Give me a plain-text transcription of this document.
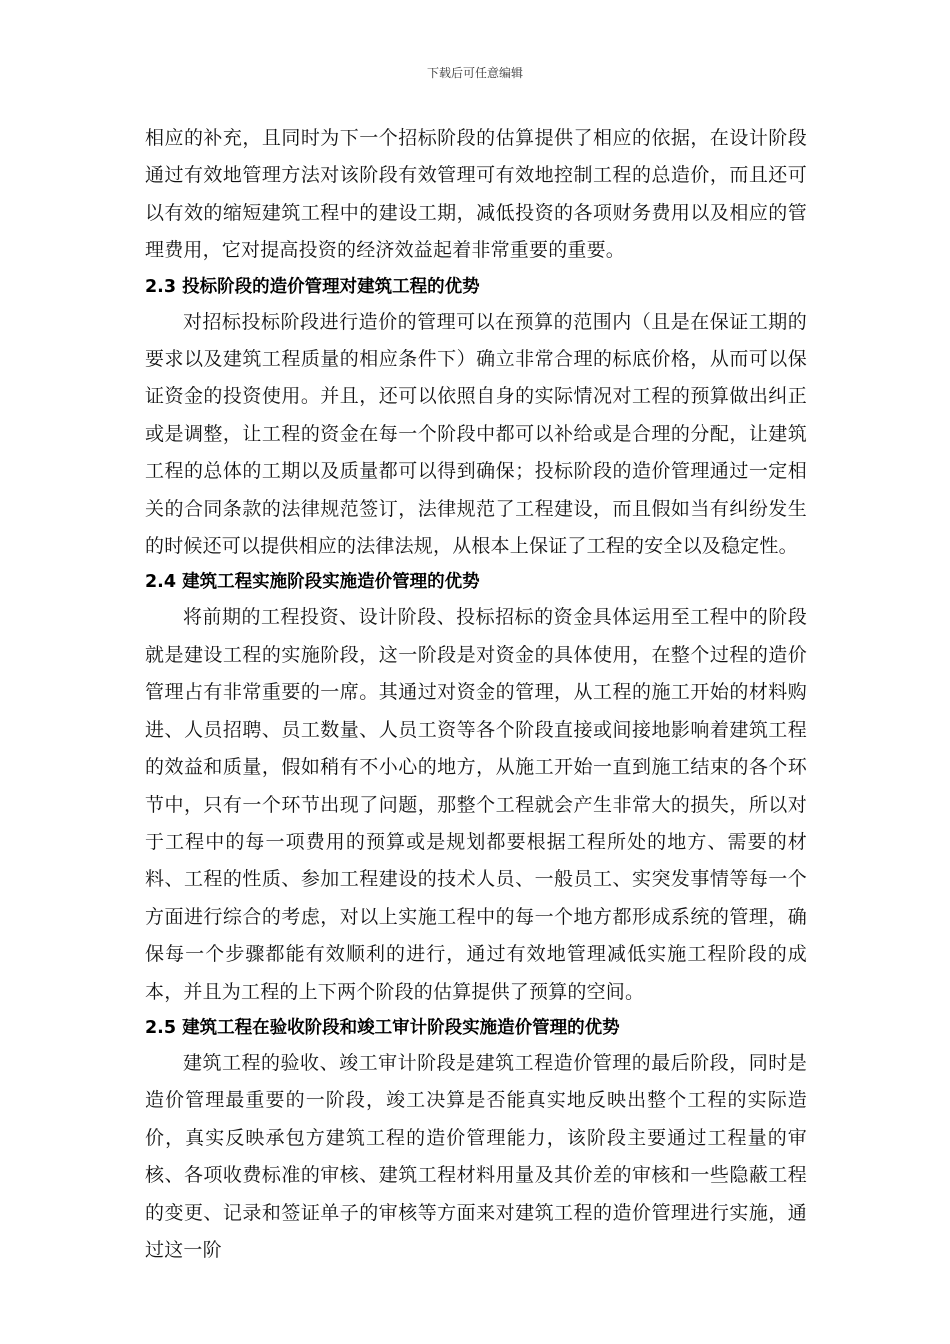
下载后可任意编辑

相应的补充，且同时为下一个招标阶段的估算提供了相应的依据，在设计阶段通过有效地管理方法对该阶段有效管理可有效地控制工程的总造价，而且还可以有效的缩短建筑工程中的建设工期，减低投资的各项财务费用以及相应的管理费用，它对提高投资的经济效益起着非常重要的重要。

2.3 投标阶段的造价管理对建筑工程的优势

对招标投标阶段进行造价的管理可以在预算的范围内（且是在保证工期的要求以及建筑工程质量的相应条件下）确立非常合理的标底价格，从而可以保证资金的投资使用。并且，还可以依照自身的实际情况对工程的预算做出纠正或是调整，让工程的资金在每一个阶段中都可以补给或是合理的分配，让建筑工程的总体的工期以及质量都可以得到确保；投标阶段的造价管理通过一定相关的合同条款的法律规范签订，法律规范了工程建设，而且假如当有纠纷发生的时候还可以提供相应的法律法规，从根本上保证了工程的安全以及稳定性。

2.4 建筑工程实施阶段实施造价管理的优势

将前期的工程投资、设计阶段、投标招标的资金具体运用至工程中的阶段就是建设工程的实施阶段，这一阶段是对资金的具体使用，在整个过程的造价管理占有非常重要的一席。其通过对资金的管理，从工程的施工开始的材料购进、人员招聘、员工数量、人员工资等各个阶段直接或间接地影响着建筑工程的效益和质量，假如稍有不小心的地方，从施工开始一直到施工结束的各个环节中，只有一个环节出现了问题，那整个工程就会产生非常大的损失，所以对于工程中的每一项费用的预算或是规划都要根据工程所处的地方、需要的材料、工程的性质、参加工程建设的技术人员、一般员工、实突发事情等每一个方面进行综合的考虑，对以上实施工程中的每一个地方都形成系统的管理，确保每一个步骤都能有效顺利的进行，通过有效地管理减低实施工程阶段的成本，并且为工程的上下两个阶段的估算提供了预算的空间。

2.5 建筑工程在验收阶段和竣工审计阶段实施造价管理的优势

建筑工程的验收、竣工审计阶段是建筑工程造价管理的最后阶段，同时是造价管理最重要的一阶段，竣工决算是否能真实地反映出整个工程的实际造价，真实反映承包方建筑工程的造价管理能力，该阶段主要通过工程量的审核、各项收费标准的审核、建筑工程材料用量及其价差的审核和一些隐蔽工程的变更、记录和签证单子的审核等方面来对建筑工程的造价管理进行实施，通过这一阶
